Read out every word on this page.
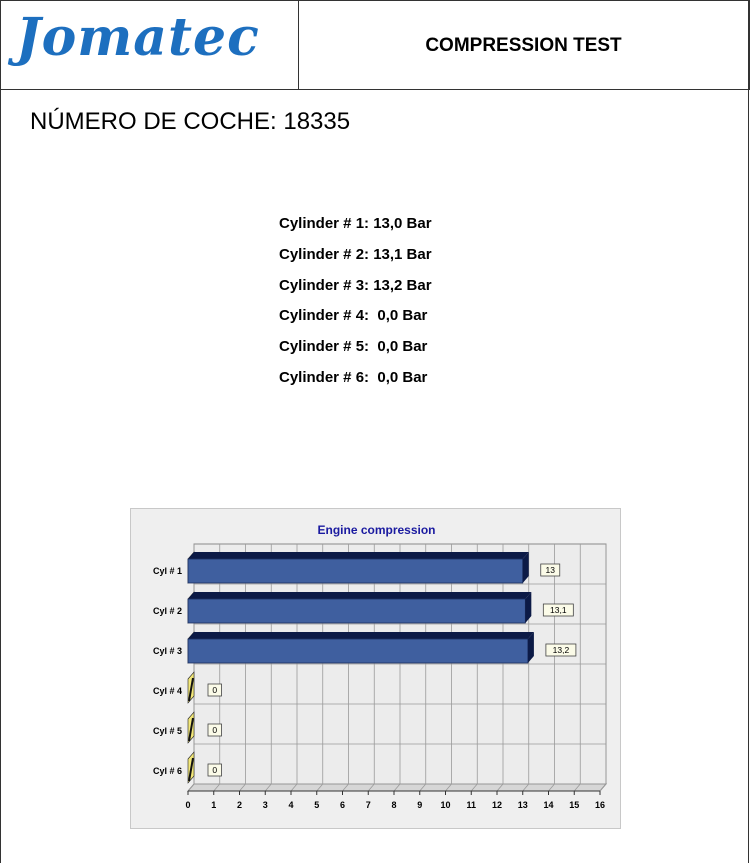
Jomatec	COMPRESSION TEST
NÚMERO DE COCHE: 18335
Cylinder # 1: 13,0 Bar
Cylinder # 2: 13,1 Bar
Cylinder # 3: 13,2 Bar
Cylinder # 4:  0,0 Bar
Cylinder # 5:  0,0 Bar
Cylinder # 6:  0,0 Bar
Engine compression
0 1 2 3 4 5 6 7 8 9 10 11 12 13 14 15 16
Cyl # 1	13
Cyl # 2	13,1
Cyl # 3	13,2
Cyl # 4	0
Cyl # 5	0
Cyl # 6	0
